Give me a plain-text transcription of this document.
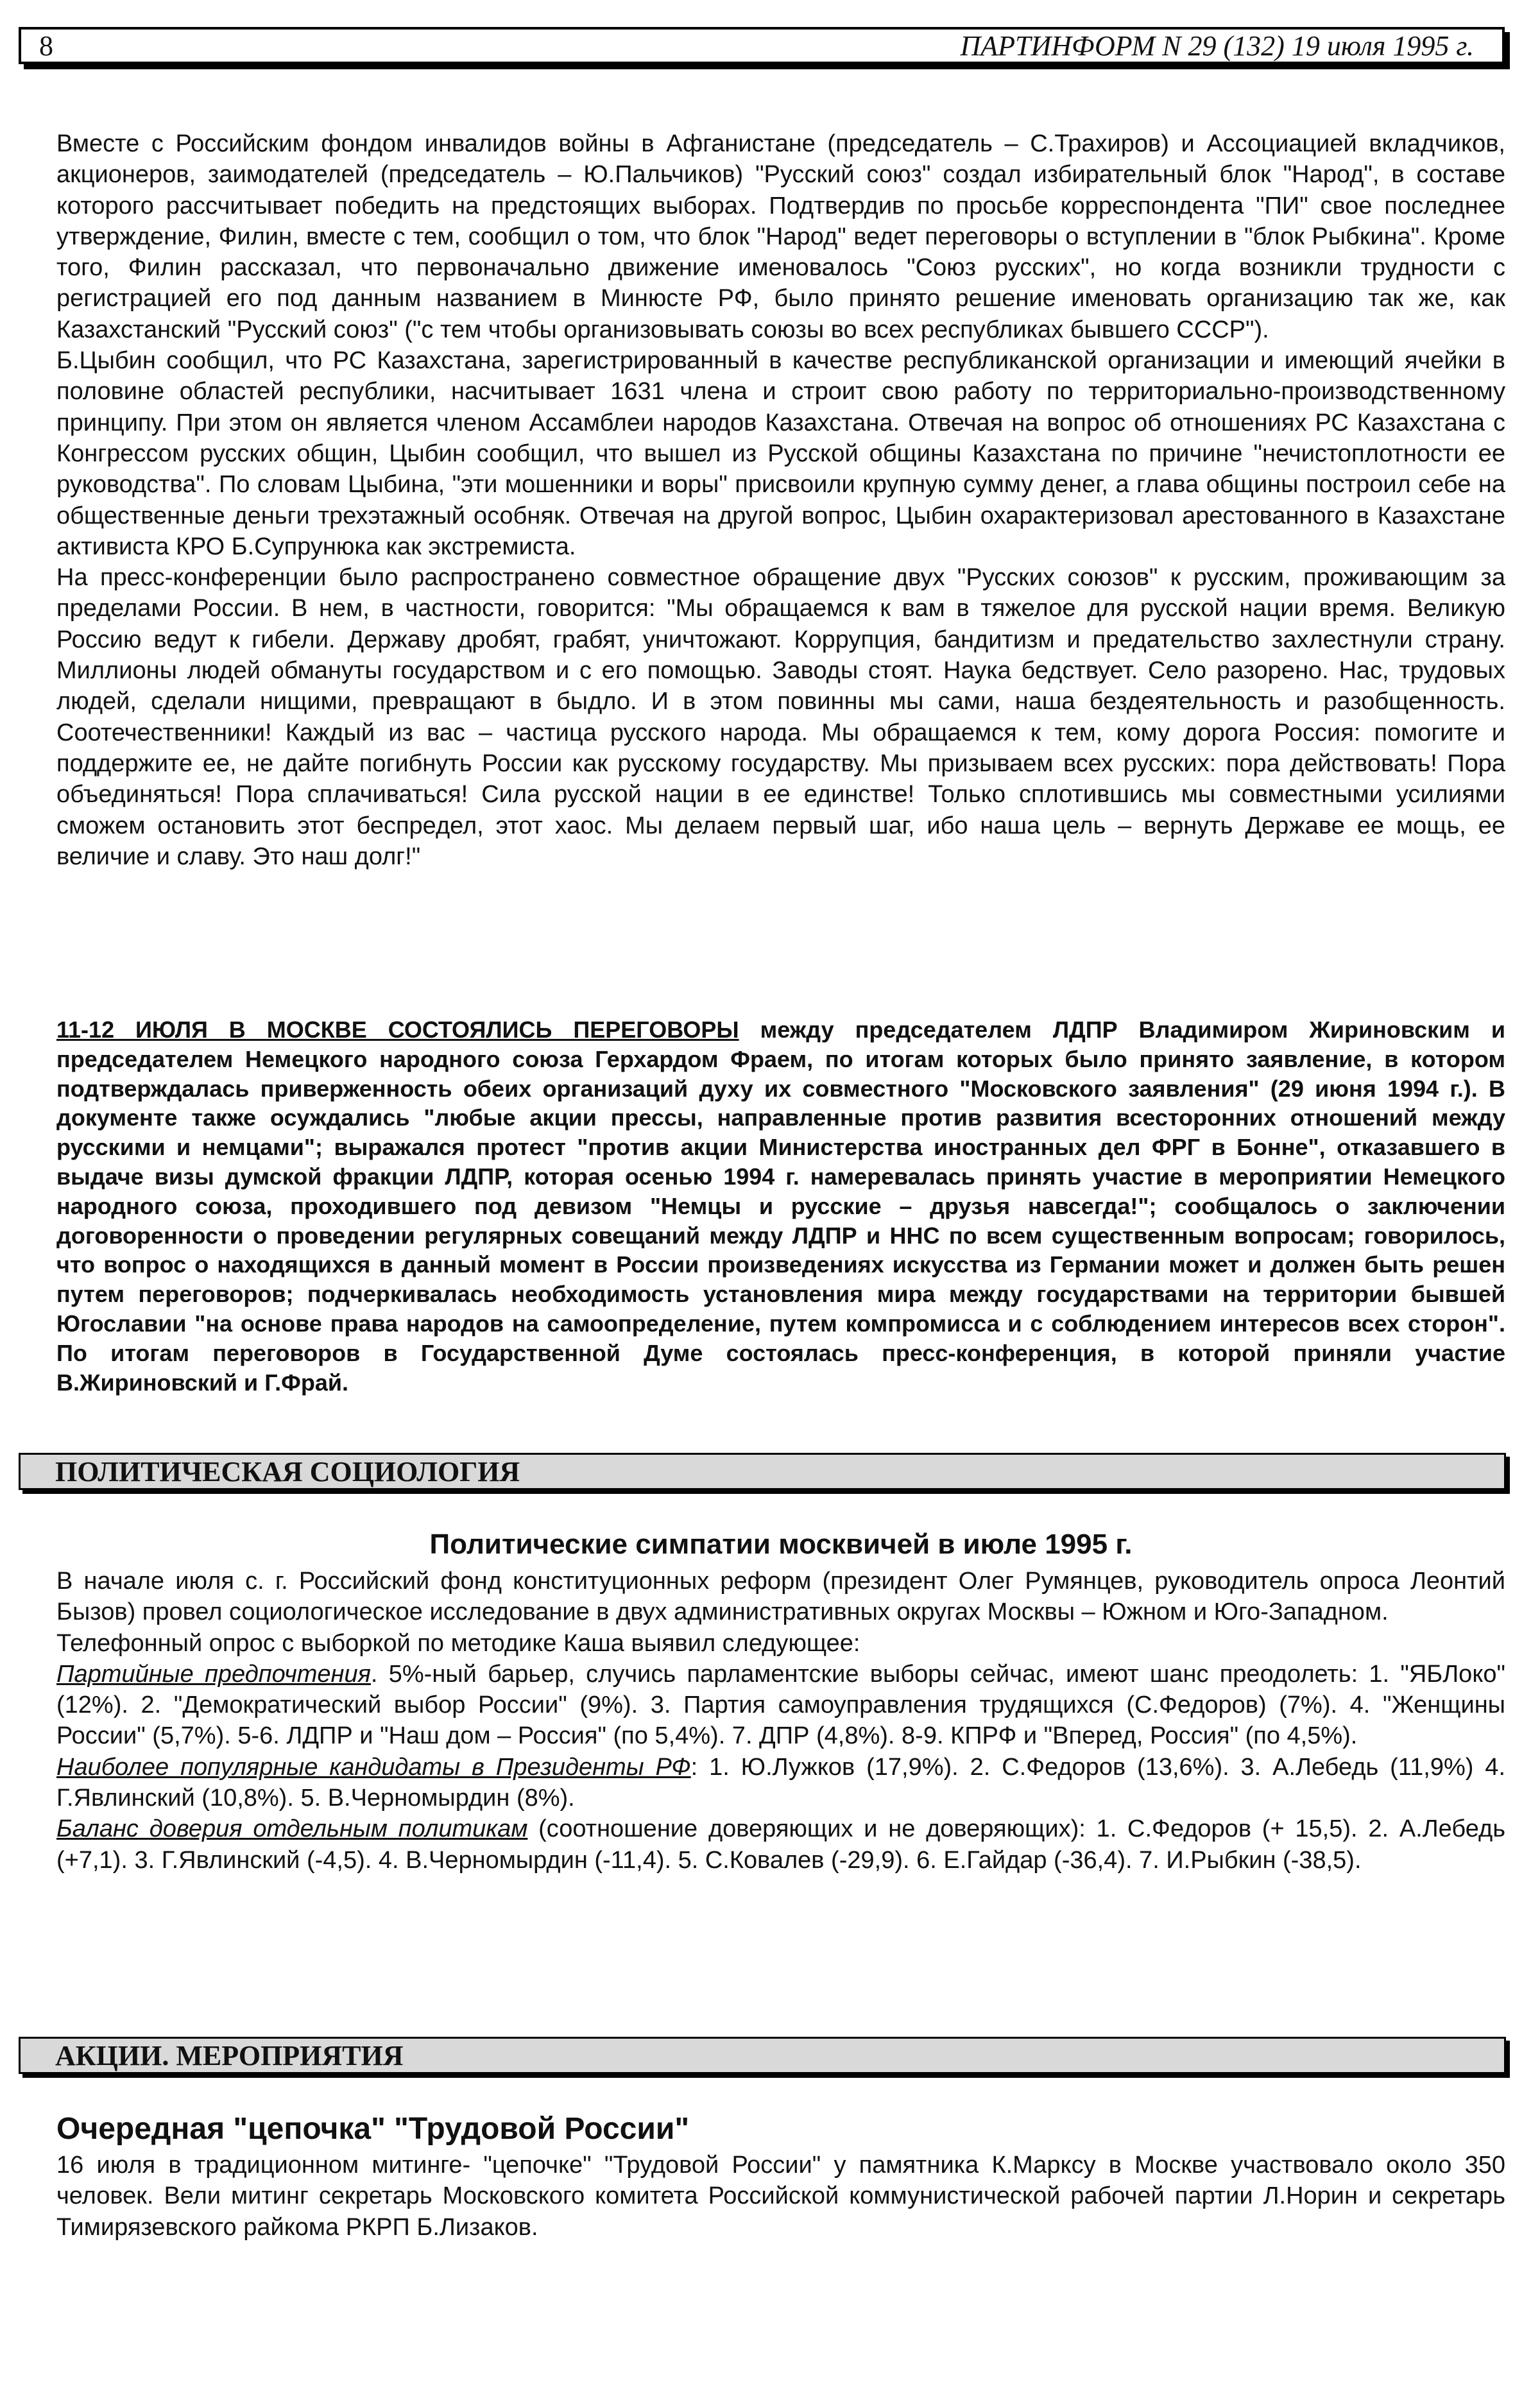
8	ПАРТИНФОРМ N 29 (132) 19 июля 1995 г.

Вместе с Российским фондом инвалидов войны в Афганистане (председатель – С.Трахиров) и Ассоциацией вкладчиков, акционеров, заимодателей (председатель – Ю.Пальчиков) "Русский союз" создал избирательный блок "Народ", в составе которого рассчитывает победить на предстоящих выборах. Подтвердив по просьбе корреспондента "ПИ" свое последнее утверждение, Филин, вместе с тем, сообщил о том, что блок "Народ" ведет переговоры о вступлении в "блок Рыбкина". Кроме того, Филин рассказал, что первоначально движение именовалось "Союз русских", но когда возникли трудности с регистрацией его под данным названием в Минюсте РФ, было принято решение именовать организацию так же, как Казахстанский "Русский союз" ("с тем чтобы организовывать союзы во всех республиках бывшего СССР").

Б.Цыбин сообщил, что РС Казахстана, зарегистрированный в качестве республиканской организации и имеющий ячейки в половине областей республики, насчитывает 1631 члена и строит свою работу по территориально-производственному принципу. При этом он является членом Ассамблеи народов Казахстана. Отвечая на вопрос об отношениях РС Казахстана с Конгрессом русских общин, Цыбин сообщил, что вышел из Русской общины Казахстана по причине "нечистоплотности ее руководства". По словам Цыбина, "эти мошенники и воры" присвоили крупную сумму денег, а глава общины построил себе на общественные деньги трехэтажный особняк. Отвечая на другой вопрос, Цыбин охарактеризовал арестованного в Казахстане активиста КРО Б.Супрунюка как экстремиста.

На пресс-конференции было распространено совместное обращение двух "Русских союзов" к русским, проживающим за пределами России. В нем, в частности, говорится: "Мы обращаемся к вам в тяжелое для русской нации время. Великую Россию ведут к гибели. Державу дробят, грабят, уничтожают. Коррупция, бандитизм и предательство захлестнули страну. Миллионы людей обмануты государством и с его помощью. Заводы стоят. Наука бедствует. Село разорено. Нас, трудовых людей, сделали нищими, превращают в быдло. И в этом повинны мы сами, наша бездеятельность и разобщенность. Соотечественники! Каждый из вас – частица русского народа. Мы обращаемся к тем, кому дорога Россия: помогите и поддержите ее, не дайте погибнуть России как русскому государству. Мы призываем всех русских: пора действовать! Пора объединяться! Пора сплачиваться! Сила русской нации в ее единстве! Только сплотившись мы совместными усилиями сможем остановить этот беспредел, этот хаос. Мы делаем первый шаг, ибо наша цель – вернуть Державе ее мощь, ее величие и славу. Это наш долг!"

11-12 ИЮЛЯ В МОСКВЕ СОСТОЯЛИСЬ ПЕРЕГОВОРЫ между председателем ЛДПР Владимиром Жириновским и председателем Немецкого народного союза Герхардом Фраем, по итогам которых было принято заявление, в котором подтверждалась приверженность обеих организаций духу их совместного "Московского заявления" (29 июня 1994 г.). В документе также осуждались "любые акции прессы, направленные против развития всесторонних отношений между русскими и немцами"; выражался протест "против акции Министерства иностранных дел ФРГ в Бонне", отказавшего в выдаче визы думской фракции ЛДПР, которая осенью 1994 г. намеревалась принять участие в мероприятии Немецкого народного союза, проходившего под девизом "Немцы и русские – друзья навсегда!"; сообщалось о заключении договоренности о проведении регулярных совещаний между ЛДПР и ННС по всем существенным вопросам; говорилось, что вопрос о находящихся в данный момент в России произведениях искусства из Германии может и должен быть решен путем переговоров; подчеркивалась необходимость установления мира между государствами на территории бывшей Югославии "на основе права народов на самоопределение, путем компромисса и с соблюдением интересов всех сторон". По итогам переговоров в Государственной Думе состоялась пресс-конференция, в которой приняли участие В.Жириновский и Г.Фрай.

ПОЛИТИЧЕСКАЯ СОЦИОЛОГИЯ
Политические симпатии москвичей в июле 1995 г.

В начале июля с. г. Российский фонд конституционных реформ (президент Олег Румянцев, руководитель опроса Леонтий Бызов) провел социологическое исследование в двух административных округах Москвы – Южном и Юго-Западном.

Телефонный опрос с выборкой по методике Каша выявил следующее:

Партийные предпочтения. 5%-ный барьер, случись парламентские выборы сейчас, имеют шанс преодолеть: 1. "ЯБЛоко" (12%). 2. "Демократический выбор России" (9%). 3. Партия самоуправления трудящихся (С.Федоров) (7%). 4. "Женщины России" (5,7%). 5-6. ЛДПР и "Наш дом – Россия" (по 5,4%). 7. ДПР (4,8%). 8-9. КПРФ и "Вперед, Россия" (по 4,5%).

Наиболее популярные кандидаты в Президенты РФ: 1. Ю.Лужков (17,9%). 2. С.Федоров (13,6%). 3. А.Лебедь (11,9%) 4. Г.Явлинский (10,8%). 5. В.Черномырдин (8%).

Баланс доверия отдельным политикам (соотношение доверяющих и не доверяющих): 1. С.Федоров (+ 15,5). 2. А.Лебедь (+7,1). 3. Г.Явлинский (-4,5). 4. В.Черномырдин (-11,4). 5. С.Ковалев (-29,9). 6. Е.Гайдар (-36,4). 7. И.Рыбкин (-38,5).

АКЦИИ. МЕРОПРИЯТИЯ
Очередная "цепочка" "Трудовой России"

16 июля в традиционном митинге- "цепочке" "Трудовой России" у памятника К.Марксу в Москве участвовало около 350 человек. Вели митинг секретарь Московского комитета Российской коммунистической рабочей партии Л.Норин и секретарь Тимирязевского райкома РКРП Б.Лизаков.
